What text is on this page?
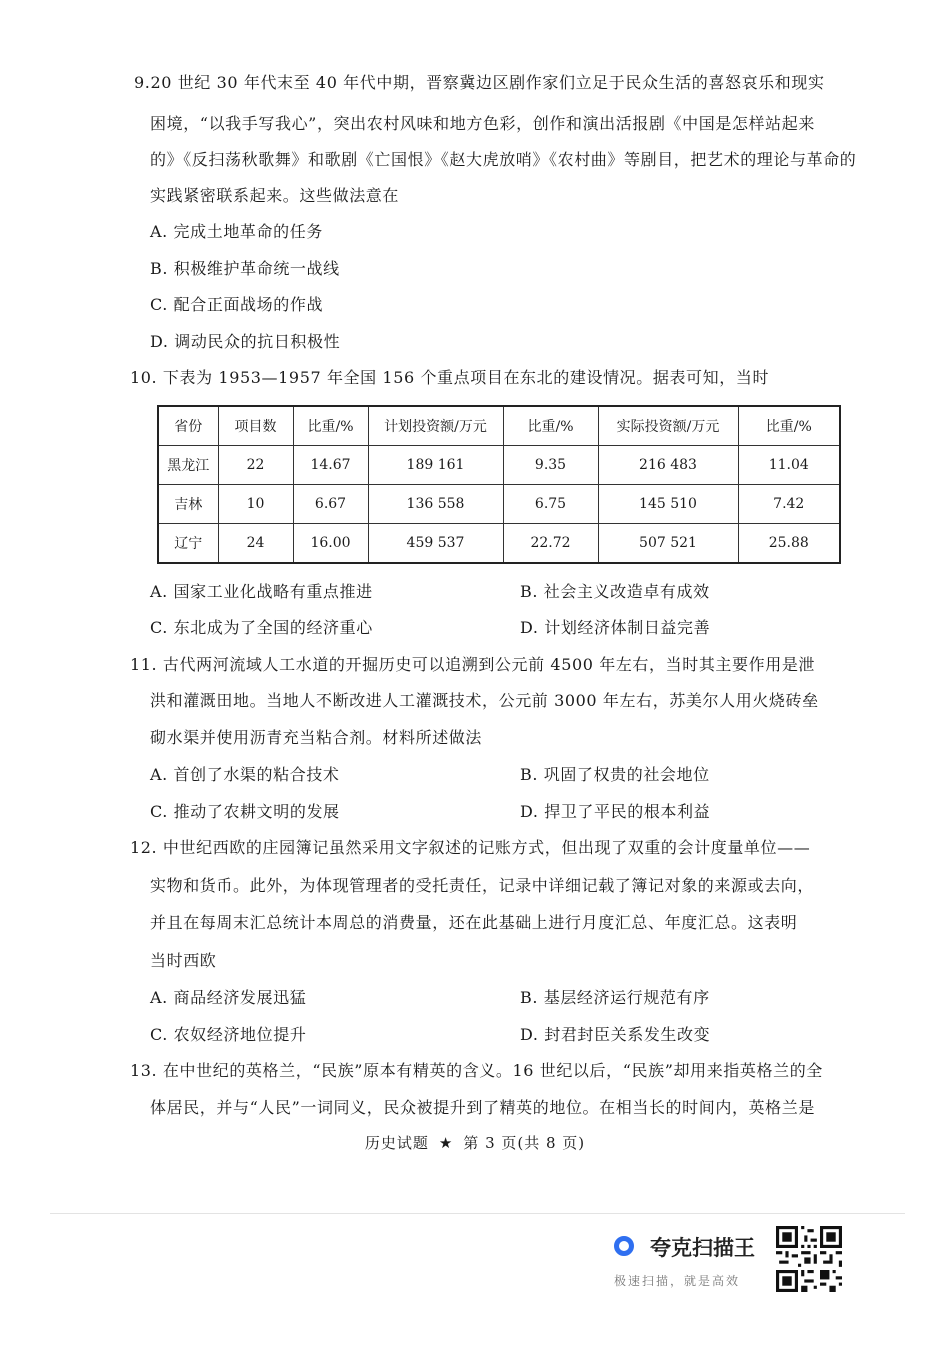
9.20 世纪 30 年代末至 40 年代中期，晋察冀边区剧作家们立足于民众生活的喜怒哀乐和现实
困境，“以我手写我心”，突出农村风味和地方色彩，创作和演出活报剧《中国是怎样站起来
的》《反扫荡秋歌舞》和歌剧《亡国恨》《赵大虎放哨》《农村曲》等剧目，把艺术的理论与革命的
实践紧密联系起来。这些做法意在
A. 完成土地革命的任务
B. 积极维护革命统一战线
C. 配合正面战场的作战
D. 调动民众的抗日积极性
10. 下表为 1953—1957 年全国 156 个重点项目在东北的建设情况。据表可知，当时
省份	项目数	比重/%	计划投资额/万元	比重/%	实际投资额/万元	比重/%
黑龙江	22	14.67	189 161	9.35	216 483	11.04
吉林	10	6.67	136 558	6.75	145 510	7.42
辽宁	24	16.00	459 537	22.72	507 521	25.88
A. 国家工业化战略有重点推进	B. 社会主义改造卓有成效
C. 东北成为了全国的经济重心	D. 计划经济体制日益完善
11. 古代两河流域人工水道的开掘历史可以追溯到公元前 4500 年左右，当时其主要作用是泄
洪和灌溉田地。当地人不断改进人工灌溉技术，公元前 3000 年左右，苏美尔人用火烧砖垒
砌水渠并使用沥青充当粘合剂。材料所述做法
A. 首创了水渠的粘合技术	B. 巩固了权贵的社会地位
C. 推动了农耕文明的发展	D. 捍卫了平民的根本利益
12. 中世纪西欧的庄园簿记虽然采用文字叙述的记账方式，但出现了双重的会计度量单位——
实物和货币。此外，为体现管理者的受托责任，记录中详细记载了簿记对象的来源或去向，
并且在每周末汇总统计本周总的消费量，还在此基础上进行月度汇总、年度汇总。这表明
当时西欧
A. 商品经济发展迅猛	B. 基层经济运行规范有序
C. 农奴经济地位提升	D. 封君封臣关系发生改变
13. 在中世纪的英格兰，“民族”原本有精英的含义。16 世纪以后，“民族”却用来指英格兰的全
体居民，并与“人民”一词同义，民众被提升到了精英的地位。在相当长的时间内，英格兰是
历史试题 ★ 第 3 页(共 8 页)
夸克扫描王
极速扫描，就是高效
